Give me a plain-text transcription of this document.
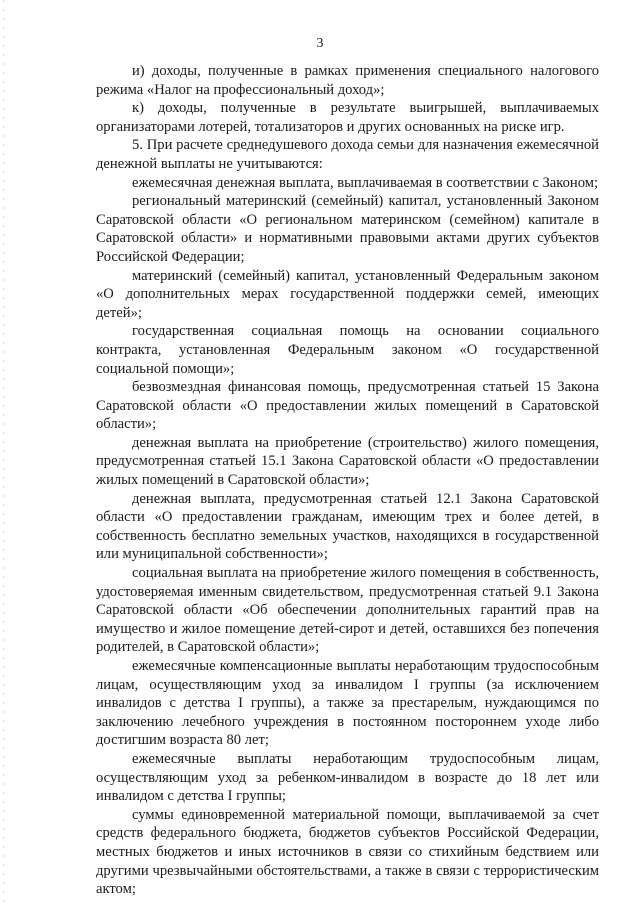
3

и) доходы, полученные в рамках применения специального налогового режима «Налог на профессиональный доход»;

к) доходы, полученные в результате выигрышей, выплачиваемых организаторами лотерей, тотализаторов и других основанных на риске игр.

5. При расчете среднедушевого дохода семьи для назначения ежемесячной денежной выплаты не учитываются:

ежемесячная денежная выплата, выплачиваемая в соответствии с Законом;

региональный материнский (семейный) капитал, установленный Законом Саратовской области «О региональном материнском (семейном) капитале в Саратовской области» и нормативными правовыми актами других субъектов Российской Федерации;

материнский (семейный) капитал, установленный Федеральным законом «О дополнительных мерах государственной поддержки семей, имеющих детей»;

государственная социальная помощь на основании социального контракта, установленная Федеральным законом «О государственной социальной помощи»;

безвозмездная финансовая помощь, предусмотренная статьей 15 Закона Саратовской области «О предоставлении жилых помещений в Саратовской области»;

денежная выплата на приобретение (строительство) жилого помещения, предусмотренная статьей 15.1 Закона Саратовской области «О предоставлении жилых помещений в Саратовской области»;

денежная выплата, предусмотренная статьей 12.1 Закона Саратовской области «О предоставлении гражданам, имеющим трех и более детей, в собственность бесплатно земельных участков, находящихся в государственной или муниципальной собственности»;

социальная выплата на приобретение жилого помещения в собственность, удостоверяемая именным свидетельством, предусмотренная статьей 9.1 Закона Саратовской области «Об обеспечении дополнительных гарантий прав на имущество и жилое помещение детей-сирот и детей, оставшихся без попечения родителей, в Саратовской области»;

ежемесячные компенсационные выплаты неработающим трудоспособным лицам, осуществляющим уход за инвалидом I группы (за исключением инвалидов с детства I группы), а также за престарелым, нуждающимся по заключению лечебного учреждения в постоянном постороннем уходе либо достигшим возраста 80 лет;

ежемесячные выплаты неработающим трудоспособным лицам, осуществляющим уход за ребенком-инвалидом в возрасте до 18 лет или инвалидом с детства I группы;

суммы единовременной материальной помощи, выплачиваемой за счет средств федерального бюджета, бюджетов субъектов Российской Федерации, местных бюджетов и иных источников в связи со стихийным бедствием или другими чрезвычайными обстоятельствами, а также в связи с террористическим актом;
